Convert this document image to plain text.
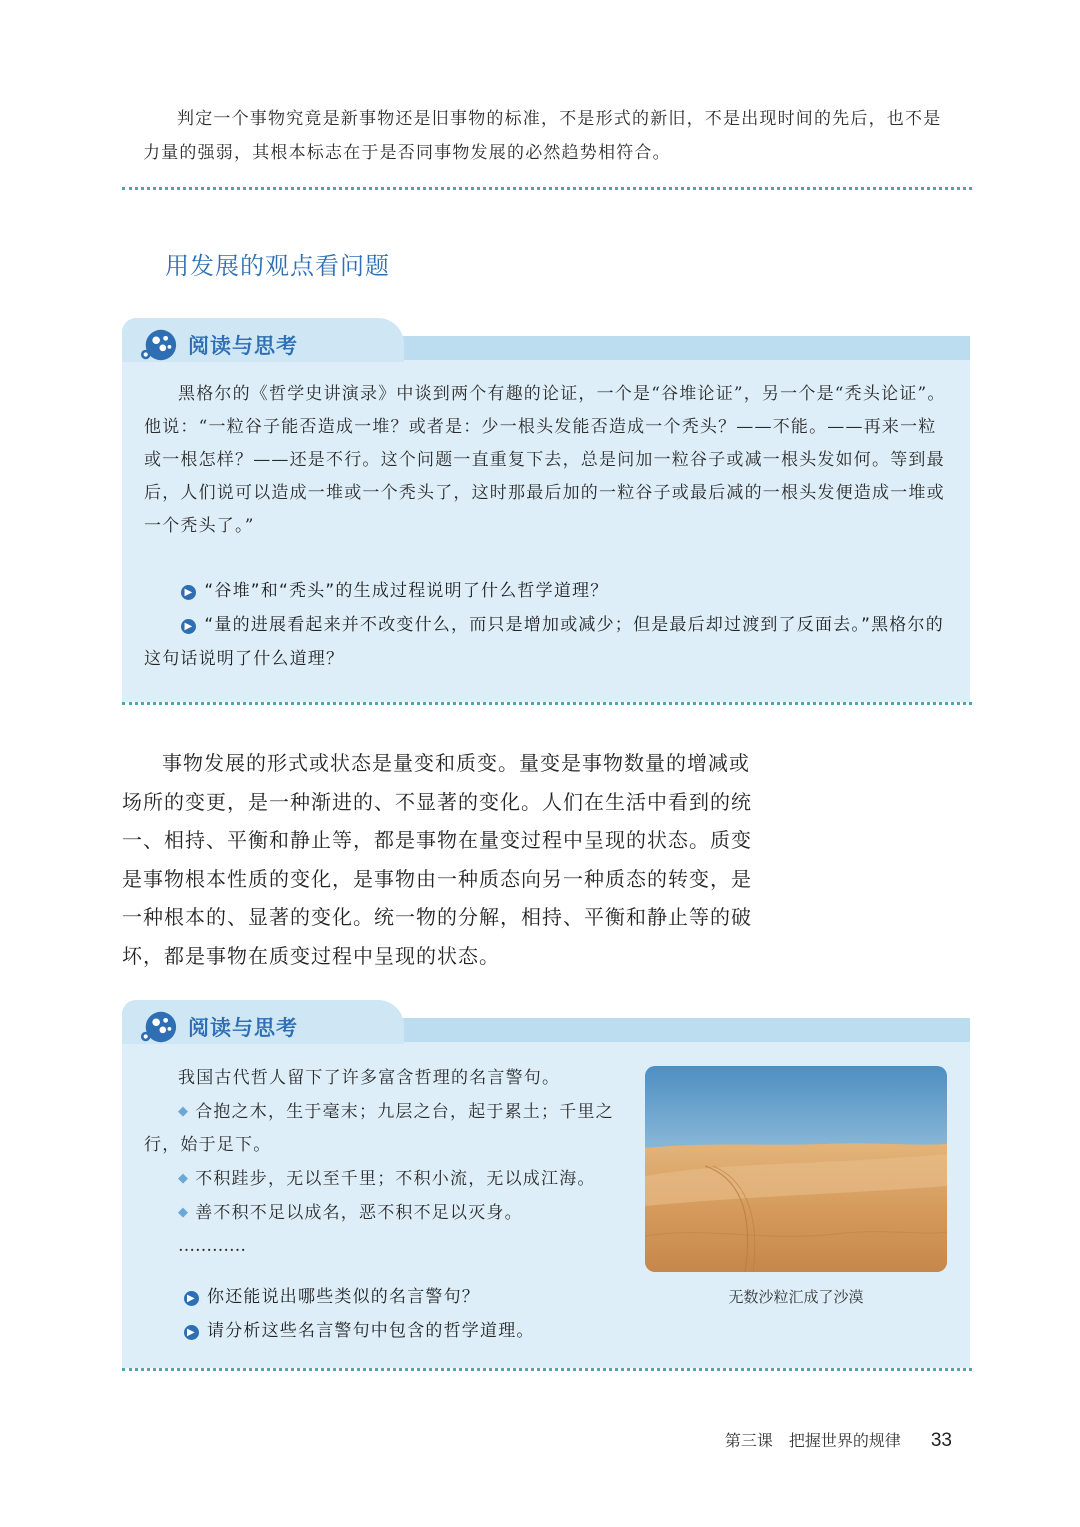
判定一个事物究竟是新事物还是旧事物的标准，不是形式的新旧，不是出现时间的先后，也不是力量的强弱，其根本标志在于是否同事物发展的必然趋势相符合。
用发展的观点看问题
阅读与思考
黑格尔的《哲学史讲演录》中谈到两个有趣的论证，一个是“谷堆论证”，另一个是“秃头论证”。他说：“一粒谷子能否造成一堆？或者是：少一根头发能否造成一个秃头？——不能。——再来一粒或一根怎样？——还是不行。这个问题一直重复下去，总是问加一粒谷子或减一根头发如何。等到最后，人们说可以造成一堆或一个秃头了，这时那最后加的一粒谷子或最后减的一根头发便造成一堆或一个秃头了。”
▶ “谷堆”和“秃头”的生成过程说明了什么哲学道理？
▶ “量的进展看起来并不改变什么，而只是增加或减少；但是最后却过渡到了反面去。”黑格尔的这句话说明了什么道理？
事物发展的形式或状态是量变和质变。量变是事物数量的增减或场所的变更，是一种渐进的、不显著的变化。人们在生活中看到的统一、相持、平衡和静止等，都是事物在量变过程中呈现的状态。质变是事物根本性质的变化，是事物由一种质态向另一种质态的转变，是一种根本的、显著的变化。统一物的分解，相持、平衡和静止等的破坏，都是事物在质变过程中呈现的状态。
阅读与思考
我国古代哲人留下了许多富含哲理的名言警句。
◆ 合抱之木，生于毫末；九层之台，起于累土；千里之行，始于足下。
◆ 不积跬步，无以至千里；不积小流，无以成江海。
◆ 善不积不足以成名，恶不积不足以灭身。
…………
▶ 你还能说出哪些类似的名言警句？
▶ 请分析这些名言警句中包含的哲学道理。
无数沙粒汇成了沙漠
第三课　把握世界的规律 33
